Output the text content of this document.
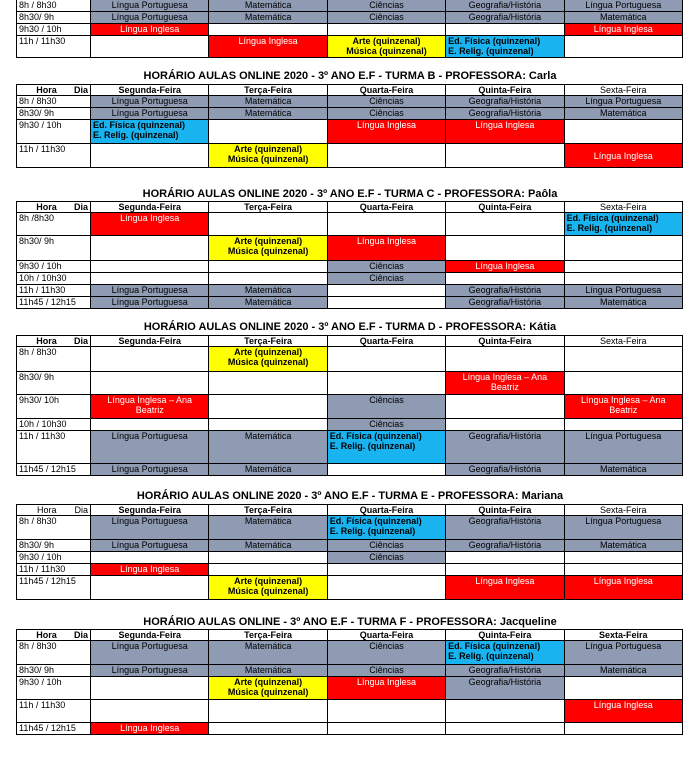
8h / 8h30	Língua Portuguesa	Matemática	Ciências	Geografia/História	Língua Portuguesa
8h30/ 9h	Língua Portuguesa	Matemática	Ciências	Geografia/História	Matemática
9h30 / 10h	Língua Inglesa				Língua Inglesa
11h / 11h30		Língua Inglesa	Arte (quinzenal)
Música (quinzenal)	Ed. Física (quinzenal)
E. Relig. (quinzenal)	

HORÁRIO AULAS ONLINE 2020 - 3º ANO E.F - TURMA B - PROFESSORA: Carla
Hora Dia	Segunda-Feira	Terça-Feira	Quarta-Feira	Quinta-Feira	Sexta-Feira
8h / 8h30	Língua Portuguesa	Matemática	Ciências	Geografia/História	Língua Portuguesa
8h30/ 9h	Língua Portuguesa	Matemática	Ciências	Geografia/História	Matemática
9h30 / 10h	Ed. Física (quinzenal)
E. Relig. (quinzenal)		Língua Inglesa	Língua Inglesa	
11h / 11h30		Arte (quinzenal)
Música (quinzenal)			Língua Inglesa
HORÁRIO AULAS ONLINE 2020 - 3º ANO E.F - TURMA C - PROFESSORA: Paôla
Hora Dia	Segunda-Feira	Terça-Feira	Quarta-Feira	Quinta-Feira	Sexta-Feira
8h /8h30	Língua Inglesa				Ed. Física (quinzenal)
E. Relig. (quinzenal)

8h30/ 9h		Arte (quinzenal)
Música (quinzenal)	Língua Inglesa		
9h30 / 10h			Ciências	Língua Inglesa	
10h / 10h30			Ciências		
11h / 11h30	Língua Portuguesa	Matemática		Geografia/História	Língua Portuguesa
11h45 / 12h15	Língua Portuguesa	Matemática		Geografia/História	Matemática
HORÁRIO AULAS ONLINE 2020 - 3º ANO E.F - TURMA D - PROFESSORA: Kátia
Hora Dia	Segunda-Feira	Terça-Feira	Quarta-Feira	Quinta-Feira	Sexta-Feira
8h / 8h30		Arte (quinzenal)
Música (quinzenal)			

8h30/ 9h				Língua Inglesa – Ana Beatriz	
9h30/ 10h	Língua Inglesa – Ana Beatriz		Ciências		Língua Inglesa – Ana Beatriz
10h / 10h30			Ciências		
11h / 11h30	Língua Portuguesa	Matemática	Ed. Física (quinzenal)
E. Relig. (quinzenal)	Geografia/História	Língua Portuguesa
11h45 / 12h15	Língua Portuguesa	Matemática		Geografia/História	Matemática
HORÁRIO AULAS ONLINE 2020 - 3º ANO E.F - TURMA E - PROFESSORA: Mariana
Hora Dia	Segunda-Feira	Terça-Feira	Quarta-Feira	Quinta-Feira	Sexta-Feira
8h / 8h30	Língua Portuguesa	Matemática	Ed. Física (quinzenal)
E. Relig. (quinzenal)	Geografia/História	Língua Portuguesa
8h30/ 9h	Língua Portuguesa	Matemática	Ciências	Geografia/História	Matemática
9h30 / 10h			Ciências		
11h / 11h30	Língua Inglesa				
11h45 / 12h15		Arte (quinzenal)
Música (quinzenal)		Língua Inglesa	Língua Inglesa
HORÁRIO AULAS ONLINE - 3º ANO E.F - TURMA F - PROFESSORA: Jacqueline
Hora Dia	Segunda-Feira	Terça-Feira	Quarta-Feira	Quinta-Feira	Sexta-Feira
8h / 8h30	Língua Portuguesa	Matemática	Ciências	Ed. Física (quinzenal)
E. Relig. (quinzenal)	Língua Portuguesa
8h30/ 9h	Língua Portuguesa	Matemática	Ciências	Geografia/História	Matemática
9h30 / 10h		Arte (quinzenal)
Música (quinzenal)	Língua Inglesa	Geografia/História	
11h / 11h30					Língua Inglesa
11h45 / 12h15	Língua Inglesa				
